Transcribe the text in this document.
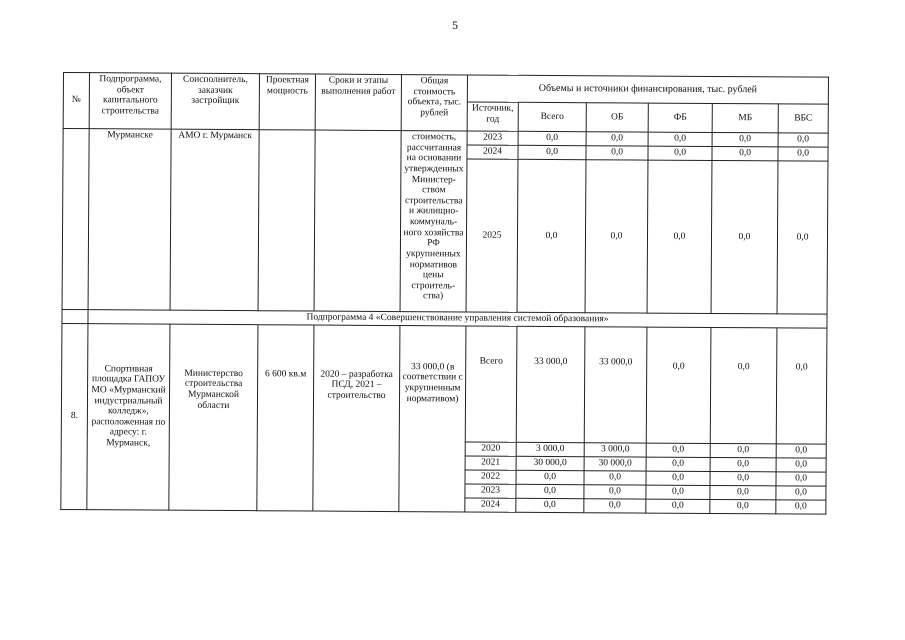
5
№	Подпрограмма, объект капитального строительства	Соисполнитель, заказчик застройщик	Проектная мощность	Сроки и этапы выполнения работ	Общая стоимость объекта, тыс. рублей	Объемы и источники финансирования, тыс. рублей					
						Источник, год	Всего	ОБ	ФБ	МБ	ВБС
	Мурманске	АМО г. Мурманск			стоимость, рассчитанная на основании утвержденных Министер-ством строительства и жилищно-коммуналь-ного хозяйства РФ укрупненных нормативов цены строитель-ства)	2023	0,0	0,0	0,0	0,0	0,0
						2024	0,0	0,0	0,0	0,0	0,0
						2025	0,0	0,0	0,0	0,0	0,0
	Подпрограмма 4 «Совершенствование управления системой образования»										
8.	Спортивная площадка ГАПОУ МО «Мурманский индустриальный колледж», расположенная по адресу: г. Мурманск,	Министерство строительства Мурманской области	6 600 кв.м	2020 – разработка ПСД, 2021 – строительство	33 000,0 (в соответствии с укрупненным нормативом)	Всего	33 000,0	33 000,0	0,0	0,0	0,0
						2020	3 000,0	3 000,0	0,0	0,0	0,0
						2021	30 000,0	30 000,0	0,0	0,0	0,0
						2022	0,0	0,0	0,0	0,0	0,0
						2023	0,0	0,0	0,0	0,0	0,0
						2024	0,0	0,0	0,0	0,0	0,0
